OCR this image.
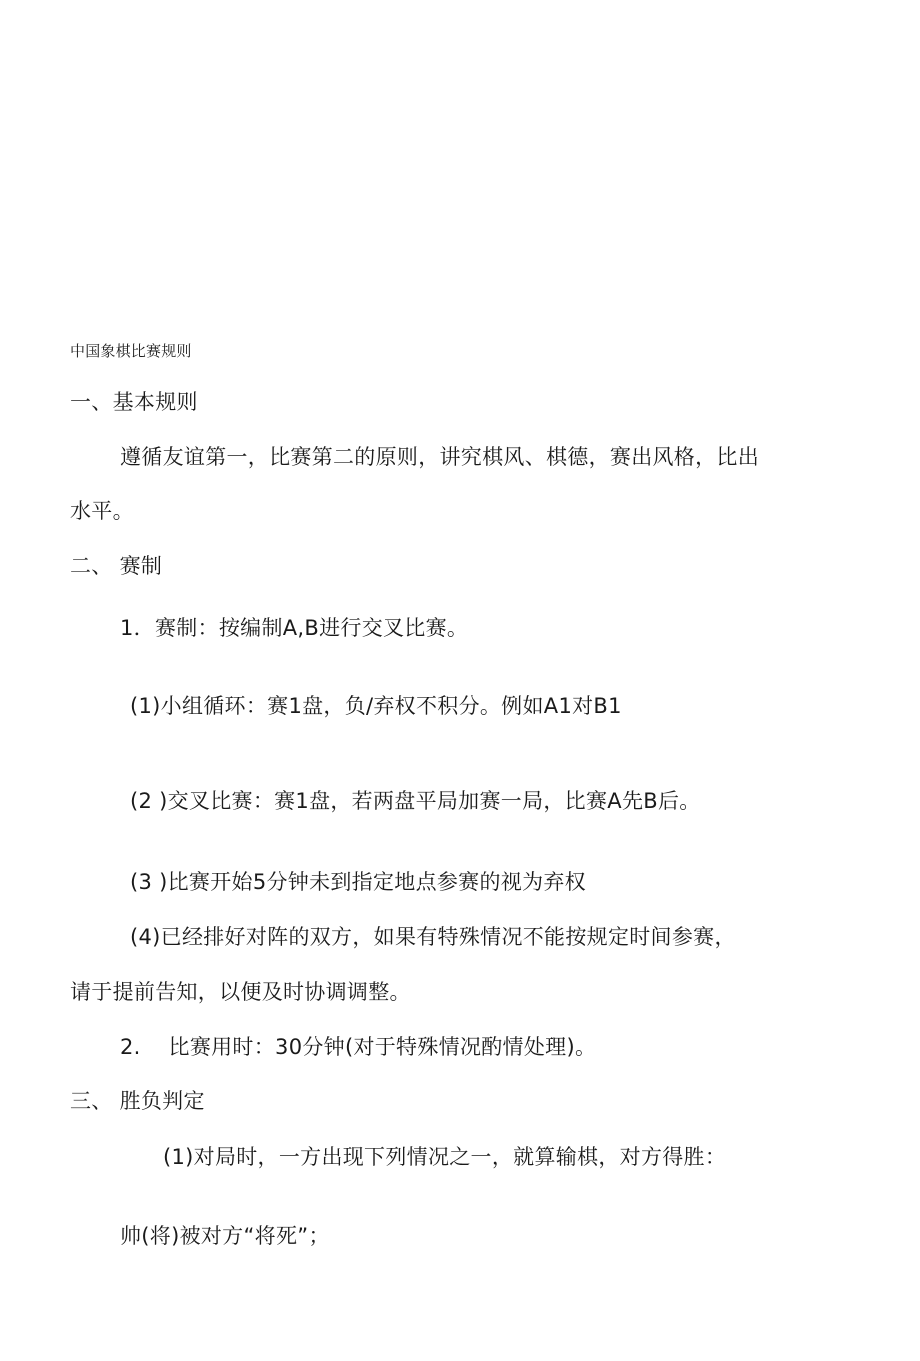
中国象棋比赛规则
一、基本规则
遵循友谊第一，比赛第二的原则，讲究棋风、棋德，赛出风格，比出
水平。
二、 赛制
1．赛制：按编制A,B进行交叉比赛。
(1)小组循环：赛1盘，负/弃权不积分。例如A1对B1
(2 )交叉比赛：赛1盘，若两盘平局加赛一局，比赛A先B后。
(3 )比赛开始5分钟未到指定地点参赛的视为弃权
(4)已经排好对阵的双方，如果有特殊情况不能按规定时间参赛，
请于提前告知，以便及时协调调整。
2.    比赛用时：30分钟(对于特殊情况酌情处理)。
三、 胜负判定
(1)对局时，一方出现下列情况之一，就算输棋，对方得胜：
帅(将)被对方“将死”；
